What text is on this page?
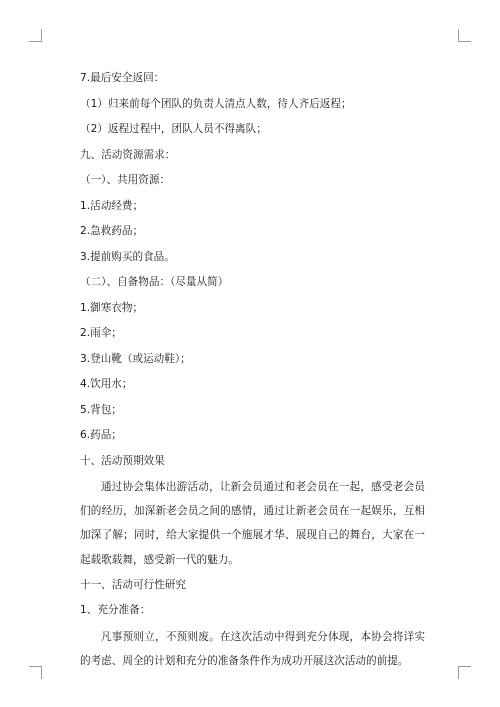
7.最后安全返回：
（1）归来前每个团队的负责人清点人数，待人齐后返程；
（2）返程过程中，团队人员不得离队；
九、活动资源需求：
（一）、共用资源：
1.活动经费；
2.急救药品；
3.提前购买的食品。
（二）、自备物品：（尽量从简）
1.御寒衣物；
2.雨伞；
3.登山靴（或运动鞋）；
4.饮用水；
5.背包；
6.药品；
十、活动预期效果

通过协会集体出游活动，让新会员通过和老会员在一起，感受老会员们的经历，加深新老会员之间的感情，通过让新老会员在一起娱乐，互相加深了解；同时，给大家提供一个施展才华、展现自己的舞台，大家在一起载歌载舞，感受新一代的魅力。

十一、活动可行性研究
1、充分准备：

凡事预则立，不预则废。在这次活动中得到充分体现，本协会将详实的考虑、周全的计划和充分的准备条件作为成功开展这次活动的前提。
